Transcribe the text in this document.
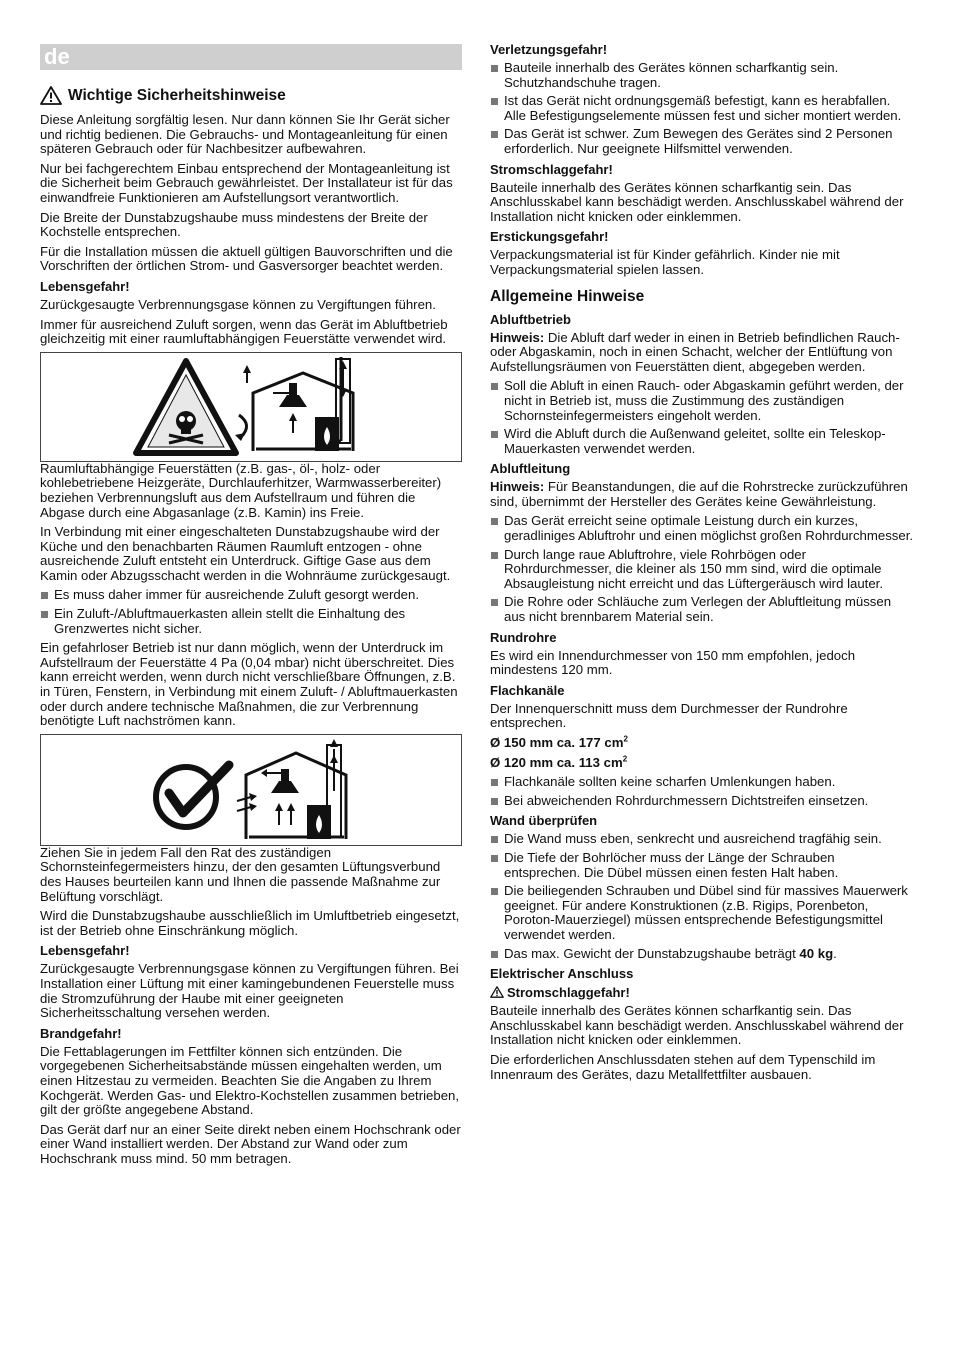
de
Wichtige Sicherheitshinweise

Diese Anleitung sorgfältig lesen. Nur dann können Sie Ihr Gerät sicher und richtig bedienen. Die Gebrauchs- und Montageanleitung für einen späteren Gebrauch oder für Nachbesitzer aufbewahren.

Nur bei fachgerechtem Einbau entsprechend der Montageanleitung ist die Sicherheit beim Gebrauch gewährleistet. Der Installateur ist für das einwandfreie Funktionieren am Aufstellungsort verantwortlich.

Die Breite der Dunstabzugshaube muss mindestens der Breite der Kochstelle entsprechen.

Für die Installation müssen die aktuell gültigen Bauvorschriften und die Vorschriften der örtlichen Strom- und Gasversorger beachtet werden.

Lebensgefahr!

Zurückgesaugte Verbrennungsgase können zu Vergiftungen führen.

Immer für ausreichend Zuluft sorgen, wenn das Gerät im Abluftbetrieb gleichzeitig mit einer raumluftabhängigen Feuerstätte verwendet wird.

Raumluftabhängige Feuerstätten (z.B. gas-, öl-, holz- oder kohlebetriebene Heizgeräte, Durchlauferhitzer, Warmwasserbereiter) beziehen Verbrennungsluft aus dem Aufstellraum und führen die Abgase durch eine Abgasanlage (z.B. Kamin) ins Freie.

In Verbindung mit einer eingeschalteten Dunstabzugshaube wird der Küche und den benachbarten Räumen Raumluft entzogen - ohne ausreichende Zuluft entsteht ein Unterdruck. Giftige Gase aus dem Kamin oder Abzugsschacht werden in die Wohnräume zurückgesaugt.

Es muss daher immer für ausreichende Zuluft gesorgt werden.
Ein Zuluft-/Abluftmauerkasten allein stellt die Einhaltung des Grenzwertes nicht sicher.

Ein gefahrloser Betrieb ist nur dann möglich, wenn der Unterdruck im Aufstellraum der Feuerstätte 4 Pa (0,04 mbar) nicht überschreitet. Dies kann erreicht werden, wenn durch nicht verschließbare Öffnungen, z.B. in Türen, Fenstern, in Verbindung mit einem Zuluft- / Abluftmauerkasten oder durch andere technische Maßnahmen, die zur Verbrennung benötigte Luft nachströmen kann.

Ziehen Sie in jedem Fall den Rat des zuständigen Schornsteinfegermeisters hinzu, der den gesamten Lüftungsverbund des Hauses beurteilen kann und Ihnen die passende Maßnahme zur Belüftung vorschlägt.

Wird die Dunstabzugshaube ausschließlich im Umluftbetrieb eingesetzt, ist der Betrieb ohne Einschränkung möglich.

Lebensgefahr!

Zurückgesaugte Verbrennungsgase können zu Vergiftungen führen. Bei Installation einer Lüftung mit einer kamingebundenen Feuerstelle muss die Stromzuführung der Haube mit einer geeigneten Sicherheitsschaltung versehen werden.

Brandgefahr!

Die Fettablagerungen im Fettfilter können sich entzünden. Die vorgegebenen Sicherheitsabstände müssen eingehalten werden, um einen Hitzestau zu vermeiden. Beachten Sie die Angaben zu Ihrem Kochgerät. Werden Gas- und Elektro-Kochstellen zusammen betrieben, gilt der größte angegebene Abstand.

Das Gerät darf nur an einer Seite direkt neben einem Hochschrank oder einer Wand installiert werden. Der Abstand zur Wand oder zum Hochschrank muss mind. 50 mm betragen.

Verletzungsgefahr!
Bauteile innerhalb des Gerätes können scharfkantig sein. Schutzhandschuhe tragen.
Ist das Gerät nicht ordnungsgemäß befestigt, kann es herabfallen. Alle Befestigungselemente müssen fest und sicher montiert werden.
Das Gerät ist schwer. Zum Bewegen des Gerätes sind 2 Personen erforderlich. Nur geeignete Hilfsmittel verwenden.
Stromschlaggefahr!

Bauteile innerhalb des Gerätes können scharfkantig sein. Das Anschlusskabel kann beschädigt werden. Anschlusskabel während der Installation nicht knicken oder einklemmen.

Erstickungsgefahr!

Verpackungsmaterial ist für Kinder gefährlich. Kinder nie mit Verpackungsmaterial spielen lassen.

Allgemeine Hinweise
Abluftbetrieb

Hinweis: Die Abluft darf weder in einen in Betrieb befindlichen Rauch- oder Abgaskamin, noch in einen Schacht, welcher der Entlüftung von Aufstellungsräumen von Feuerstätten dient, abgegeben werden.

Soll die Abluft in einen Rauch- oder Abgaskamin geführt werden, der nicht in Betrieb ist, muss die Zustimmung des zuständigen Schornsteinfegermeisters eingeholt werden.
Wird die Abluft durch die Außenwand geleitet, sollte ein Teleskop-Mauerkasten verwendet werden.
Abluftleitung

Hinweis: Für Beanstandungen, die auf die Rohrstrecke zurückzuführen sind, übernimmt der Hersteller des Gerätes keine Gewährleistung.

Das Gerät erreicht seine optimale Leistung durch ein kurzes, geradliniges Abluftrohr und einen möglichst großen Rohrdurchmesser.
Durch lange raue Abluftrohre, viele Rohrbögen oder Rohrdurchmesser, die kleiner als 150 mm sind, wird die optimale Absaugleistung nicht erreicht und das Lüftergeräusch wird lauter.
Die Rohre oder Schläuche zum Verlegen der Abluftleitung müssen aus nicht brennbarem Material sein.
Rundrohre

Es wird ein Innendurchmesser von 150 mm empfohlen, jedoch mindestens 120 mm.

Flachkanäle

Der Innenquerschnitt muss dem Durchmesser der Rundrohre entsprechen.

Ø 150 mm ca. 177 $cm^2$

Ø 120 mm ca. 113 $cm^2$

Flachkanäle sollten keine scharfen Umlenkungen haben.
Bei abweichenden Rohrdurchmessern Dichtstreifen einsetzen.
Wand überprüfen
Die Wand muss eben, senkrecht und ausreichend tragfähig sein.
Die Tiefe der Bohrlöcher muss der Länge der Schrauben entsprechen. Die Dübel müssen einen festen Halt haben.
Die beiliegenden Schrauben und Dübel sind für massives Mauerwerk geeignet. Für andere Konstruktionen (z.B. Rigips, Porenbeton, Poroton-Mauerziegel) müssen entsprechende Befestigungsmittel verwendet werden.
Das max. Gewicht der Dunstabzugshaube beträgt 40 kg.
Elektrischer Anschluss
Stromschlaggefahr!

Bauteile innerhalb des Gerätes können scharfkantig sein. Das Anschlusskabel kann beschädigt werden. Anschlusskabel während der Installation nicht knicken oder einklemmen.

Die erforderlichen Anschlussdaten stehen auf dem Typenschild im Innenraum des Gerätes, dazu Metallfettfilter ausbauen.
